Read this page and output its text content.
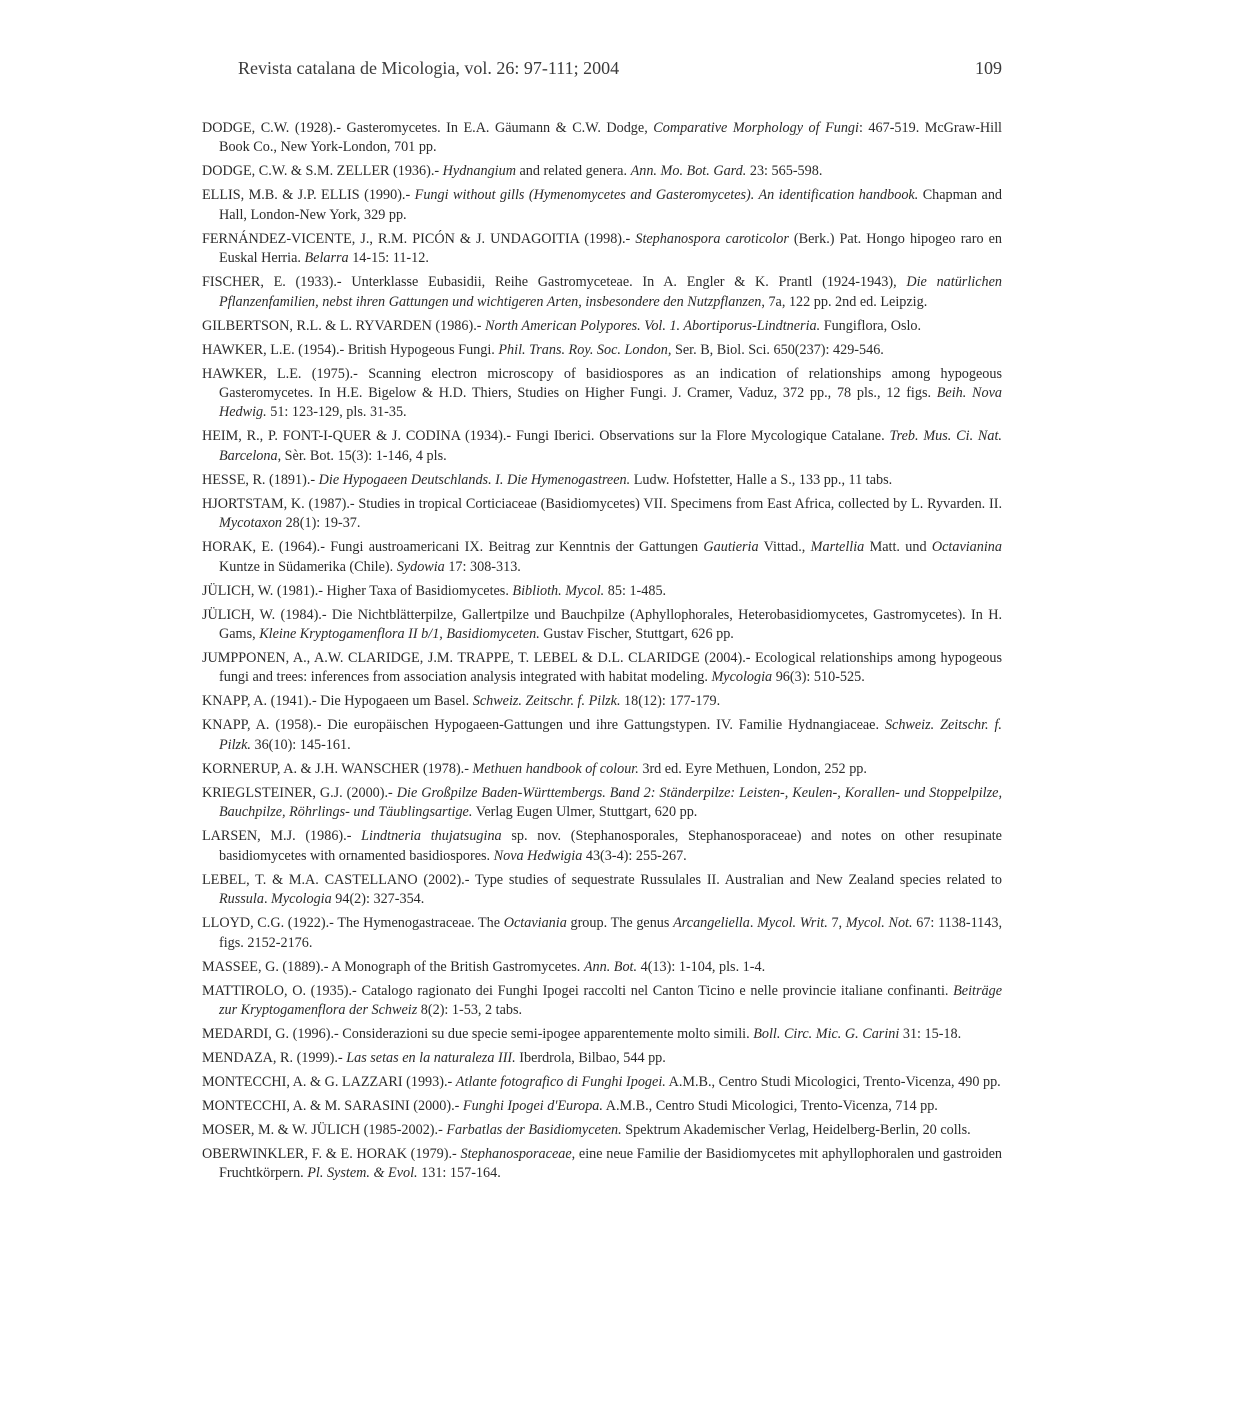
Revista catalana de Micologia, vol. 26: 97-111; 2004	109
DODGE, C.W. (1928).- Gasteromycetes. In E.A. Gäumann & C.W. Dodge, Comparative Morphology of Fungi: 467-519. McGraw-Hill Book Co., New York-London, 701 pp.
DODGE, C.W. & S.M. ZELLER (1936).- Hydnangium and related genera. Ann. Mo. Bot. Gard. 23: 565-598.
ELLIS, M.B. & J.P. ELLIS (1990).- Fungi without gills (Hymenomycetes and Gasteromycetes). An identification handbook. Chapman and Hall, London-New York, 329 pp.
FERNÁNDEZ-VICENTE, J., R.M. PICÓN & J. UNDAGOITIA (1998).- Stephanospora caroticolor (Berk.) Pat. Hongo hipogeo raro en Euskal Herria. Belarra 14-15: 11-12.
FISCHER, E. (1933).- Unterklasse Eubasidii, Reihe Gastromyceteae. In A. Engler & K. Prantl (1924-1943), Die natürlichen Pflanzenfamilien, nebst ihren Gattungen und wichtigeren Arten, insbesondere den Nutzpflanzen, 7a, 122 pp. 2nd ed. Leipzig.
GILBERTSON, R.L. & L. RYVARDEN (1986).- North American Polypores. Vol. 1. Abortiporus-Lindtneria. Fungiflora, Oslo.
HAWKER, L.E. (1954).- British Hypogeous Fungi. Phil. Trans. Roy. Soc. London, Ser. B, Biol. Sci. 650(237): 429-546.
HAWKER, L.E. (1975).- Scanning electron microscopy of basidiospores as an indication of relationships among hypogeous Gasteromycetes. In H.E. Bigelow & H.D. Thiers, Studies on Higher Fungi. J. Cramer, Vaduz, 372 pp., 78 pls., 12 figs. Beih. Nova Hedwig. 51: 123-129, pls. 31-35.
HEIM, R., P. FONT-I-QUER & J. CODINA (1934).- Fungi Iberici. Observations sur la Flore Mycologique Catalane. Treb. Mus. Ci. Nat. Barcelona, Sèr. Bot. 15(3): 1-146, 4 pls.
HESSE, R. (1891).- Die Hypogaeen Deutschlands. I. Die Hymenogastreen. Ludw. Hofstetter, Halle a S., 133 pp., 11 tabs.
HJORTSTAM, K. (1987).- Studies in tropical Corticiaceae (Basidiomycetes) VII. Specimens from East Africa, collected by L. Ryvarden. II. Mycotaxon 28(1): 19-37.
HORAK, E. (1964).- Fungi austroamericani IX. Beitrag zur Kenntnis der Gattungen Gautieria Vittad., Martellia Matt. und Octavianina Kuntze in Südamerika (Chile). Sydowia 17: 308-313.
JÜLICH, W. (1981).- Higher Taxa of Basidiomycetes. Biblioth. Mycol. 85: 1-485.
JÜLICH, W. (1984).- Die Nichtblätterpilze, Gallertpilze und Bauchpilze (Aphyllophorales, Heterobasidiomycetes, Gastromycetes). In H. Gams, Kleine Kryptogamenflora II b/1, Basidiomyceten. Gustav Fischer, Stuttgart, 626 pp.
JUMPPONEN, A., A.W. CLARIDGE, J.M. TRAPPE, T. LEBEL & D.L. CLARIDGE (2004).- Ecological relationships among hypogeous fungi and trees: inferences from association analysis integrated with habitat modeling. Mycologia 96(3): 510-525.
KNAPP, A. (1941).- Die Hypogaeen um Basel. Schweiz. Zeitschr. f. Pilzk. 18(12): 177-179.
KNAPP, A. (1958).- Die europäischen Hypogaeen-Gattungen und ihre Gattungstypen. IV. Familie Hydnangiaceae. Schweiz. Zeitschr. f. Pilzk. 36(10): 145-161.
KORNERUP, A. & J.H. WANSCHER (1978).- Methuen handbook of colour. 3rd ed. Eyre Methuen, London, 252 pp.
KRIEGLSTEINER, G.J. (2000).- Die Großpilze Baden-Württembergs. Band 2: Ständerpilze: Leisten-, Keulen-, Korallen- und Stoppelpilze, Bauchpilze, Röhrlings- und Täublingsartige. Verlag Eugen Ulmer, Stuttgart, 620 pp.
LARSEN, M.J. (1986).- Lindtneria thujatsugina sp. nov. (Stephanosporales, Stephanosporaceae) and notes on other resupinate basidiomycetes with ornamented basidiospores. Nova Hedwigia 43(3-4): 255-267.
LEBEL, T. & M.A. CASTELLANO (2002).- Type studies of sequestrate Russulales II. Australian and New Zealand species related to Russula. Mycologia 94(2): 327-354.
LLOYD, C.G. (1922).- The Hymenogastraceae. The Octaviania group. The genus Arcangeliella. Mycol. Writ. 7, Mycol. Not. 67: 1138-1143, figs. 2152-2176.
MASSEE, G. (1889).- A Monograph of the British Gastromycetes. Ann. Bot. 4(13): 1-104, pls. 1-4.
MATTIROLO, O. (1935).- Catalogo ragionato dei Funghi Ipogei raccolti nel Canton Ticino e nelle provincie italiane confinanti. Beiträge zur Kryptogamenflora der Schweiz 8(2): 1-53, 2 tabs.
MEDARDI, G. (1996).- Considerazioni su due specie semi-ipogee apparentemente molto simili. Boll. Circ. Mic. G. Carini 31: 15-18.
MENDAZA, R. (1999).- Las setas en la naturaleza III. Iberdrola, Bilbao, 544 pp.
MONTECCHI, A. & G. LAZZARI (1993).- Atlante fotografico di Funghi Ipogei. A.M.B., Centro Studi Micologici, Trento-Vicenza, 490 pp.
MONTECCHI, A. & M. SARASINI (2000).- Funghi Ipogei d'Europa. A.M.B., Centro Studi Micologici, Trento-Vicenza, 714 pp.
MOSER, M. & W. JÜLICH (1985-2002).- Farbatlas der Basidiomyceten. Spektrum Akademischer Verlag, Heidelberg-Berlin, 20 colls.
OBERWINKLER, F. & E. HORAK (1979).- Stephanosporaceae, eine neue Familie der Basidiomycetes mit aphyllophoralen und gastroiden Fruchtkörpern. Pl. System. & Evol. 131: 157-164.
